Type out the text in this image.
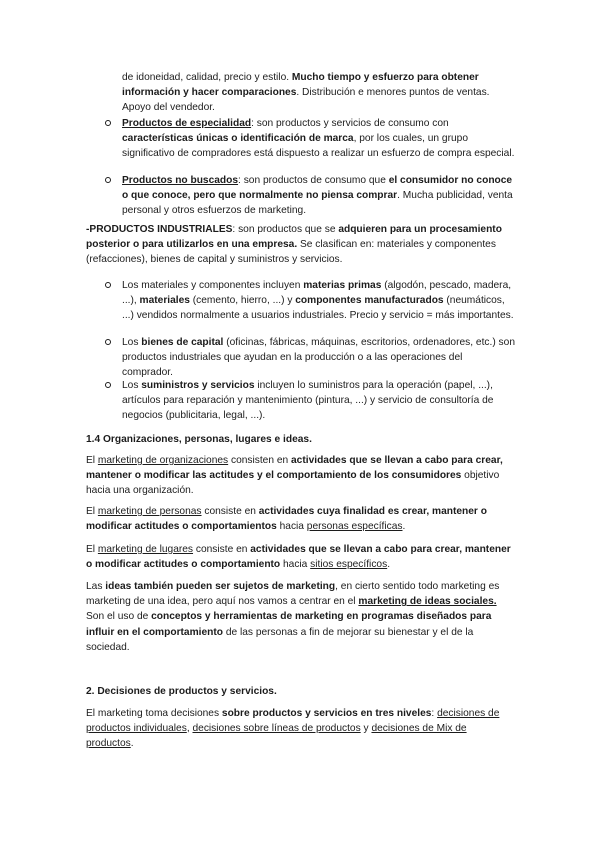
de idoneidad, calidad, precio y estilo. Mucho tiempo y esfuerzo para obtener información y hacer comparaciones. Distribución e menores puntos de ventas. Apoyo del vendedor.

Productos de especialidad: son productos y servicios de consumo con características únicas o identificación de marca, por los cuales, un grupo significativo de compradores está dispuesto a realizar un esfuerzo de compra especial.

Productos no buscados: son productos de consumo que el consumidor no conoce o que conoce, pero que normalmente no piensa comprar. Mucha publicidad, venta personal y otros esfuerzos de marketing.

-PRODUCTOS INDUSTRIALES: son productos que se adquieren para un procesamiento posterior o para utilizarlos en una empresa. Se clasifican en: materiales y componentes (refacciones), bienes de capital y suministros y servicios.

Los materiales y componentes incluyen materias primas (algodón, pescado, madera, ...), materiales (cemento, hierro, ...) y componentes manufacturados (neumáticos, ...) vendidos normalmente a usuarios industriales. Precio y servicio = más importantes.

Los bienes de capital (oficinas, fábricas, máquinas, escritorios, ordenadores, etc.) son productos industriales que ayudan en la producción o a las operaciones del comprador.

Los suministros y servicios incluyen lo suministros para la operación (papel, ...), artículos para reparación y mantenimiento (pintura, ...) y servicio de consultoría de negocios (publicitaria, legal, ...).

1.4 Organizaciones, personas, lugares e ideas.

El marketing de organizaciones consisten en actividades que se llevan a cabo para crear, mantener o modificar las actitudes y el comportamiento de los consumidores objetivo hacia una organización.

El marketing de personas consiste en actividades cuya finalidad es crear, mantener o modificar actitudes o comportamientos hacia personas específicas.

El marketing de lugares consiste en actividades que se llevan a cabo para crear, mantener o modificar actitudes o comportamiento hacia sitios específicos.

Las ideas también pueden ser sujetos de marketing, en cierto sentido todo marketing es marketing de una idea, pero aquí nos vamos a centrar en el marketing de ideas sociales. Son el uso de conceptos y herramientas de marketing en programas diseñados para influir en el comportamiento de las personas a fin de mejorar su bienestar y el de la sociedad.

2. Decisiones de productos y servicios.

El marketing toma decisiones sobre productos y servicios en tres niveles: decisiones de productos individuales, decisiones sobre líneas de productos y decisiones de Mix de productos.
